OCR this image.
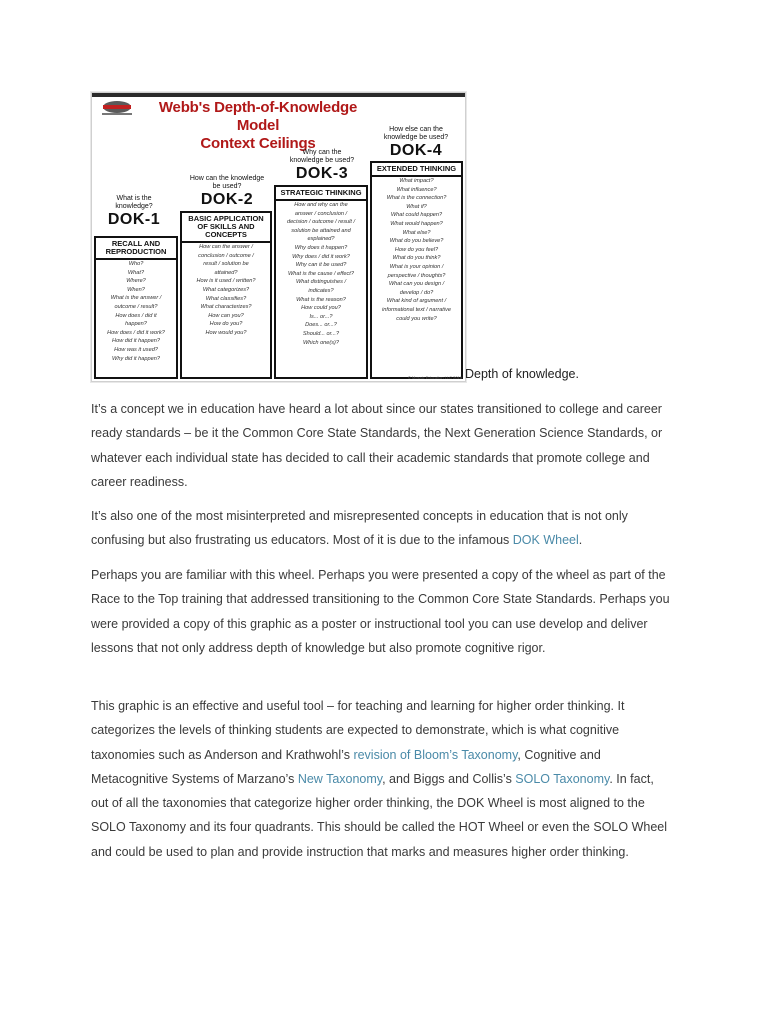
Webb's Depth-of-Knowledge Model
Context Ceilings
What is the knowledge?
DOK-1
How can the knowledge be used?
DOK-2
Why can the knowledge be used?
DOK-3
How else can the knowledge be used?
DOK-4
RECALL AND REPRODUCTION
Who?
What?
Where?
When?
What is the answer /
outcome / result?
How does / did it
happen?
How does / did it work?
How did it happen?
How was it used?
Why did it happen?
BASIC APPLICATION OF SKILLS AND CONCEPTS
How can the answer /
conclusion / outcome /
result / solution be
attained?
How is it used / written?
What categorizes?
What classifies?
What characterizes?
How can you?
How do you?
How would you?
STRATEGIC THINKING
How and why can the
answer / conclusion /
decision / outcome / result /
solution be attained and
explained?
Why does it happen?
Why does / did it work?
Why can it be used?
What is the cause / effect?
What distinguishes /
indicates?
What is the reason?
How could you?
Is... or...?
Does... or...?
Should... or...?
Which one(s)?
EXTENDED THINKING
What impact?
What influence?
What is the connection?
What if?
What could happen?
What would happen?
What else?
What do you believe?
How do you feel?
What do you think?
What is your opinion /
perspective / thoughts?
What can you design /
develop / do?
What kind of argument /
informational text / narrative
could you write?
© Mosaic Education LLC 2016 Depth of knowledge.

It’s a concept we in education have heard a lot about since our states transitioned to college and career ready standards – be it the Common Core State Standards, the Next Generation Science Standards, or whatever each individual state has decided to call their academic standards that promote college and career readiness.

It’s also one of the most misinterpreted and misrepresented concepts in education that is not only confusing but also frustrating us educators. Most of it is due to the infamous DOK Wheel.

Perhaps you are familiar with this wheel. Perhaps you were presented a copy of the wheel as part of the Race to the Top training that addressed transitioning to the Common Core State Standards. Perhaps you were provided a copy of this graphic as a poster or instructional tool you can use develop and deliver lessons that not only address depth of knowledge but also promote cognitive rigor.

This graphic is an effective and useful tool – for teaching and learning for higher order thinking. It categorizes the levels of thinking students are expected to demonstrate, which is what cognitive taxonomies such as Anderson and Krathwohl’s revision of Bloom’s Taxonomy, Cognitive and Metacognitive Systems of Marzano’s New Taxonomy, and Biggs and Collis’s SOLO Taxonomy. In fact, out of all the taxonomies that categorize higher order thinking, the DOK Wheel is most aligned to the SOLO Taxonomy and its four quadrants. This should be called the HOT Wheel or even the SOLO Wheel and could be used to plan and provide instruction that marks and measures higher order thinking.
